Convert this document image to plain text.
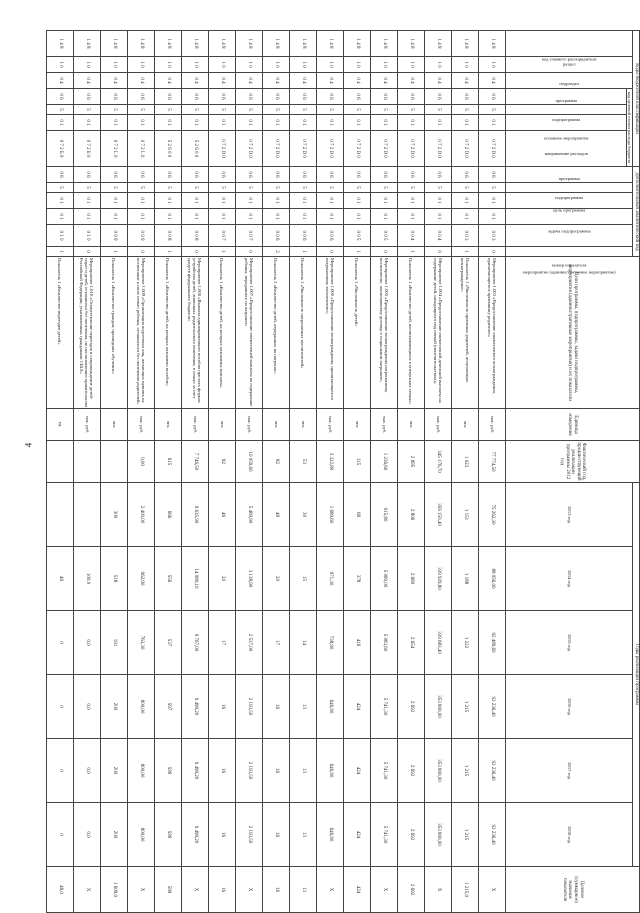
4
Коды бюджетной классификации							Дополнительный аналитический код						Цели программы, подпрограммы, задачи подпрограммы, мероприятия (административные мероприятия) и их показатели	Единица измерения	Фактический год, предшествующий реализации программы 2012 год	Годы реализации программы						Целевое (суммарное) значение показателя
код главного распорядителя	раздел	подраздел	код целевой статьи расхода бюджета				программа	подпрограмма	цель программы	задача подпрограммы	мероприятие (административное мероприятие)	номер показателя				2013 год	2014 год	2015 год	2016 год	2017 год	2018 год	
			программа	подпрограмма	основное мероприятие	направление расходов																
1 4 8	1 0	0 4	0 6	5	0 1	0 7 2 D 0	0 6	5	0 1	0 1	0 0 3	0	Мероприятие 1.003 «Предоставление ежемесячного вознаграждения, причитающегося приемному родителю»	тыс. руб.	77 774,50	75 262,30	88 056,00	92 489,60	93 236,40	93 236,40	93 236,40	X
1 4 8	1 0	0 4	0 6	5	0 1	0 7 2 D 0	0 6	5	0 1	0 1	0 0 3	1	Показатель 1 «Численность приемных родителей, получающих вознаграждение»	чел.	1 023	1 151	1 188	1 222	1 215	1 215	1 215	1 215,0
1 4 8	1 0	0 4	0 6	5	0 1	0 7 2 D 0	0 6	5	0 1	0 1	0 0 4	0	Мероприятие 1.004 «Предоставление ежемесячной денежной выплаты на содержание детей, находящихся под опекой (попечительством)»	тыс. руб.	345 176,70	359 150,40	339 929,80	339 683,40	353 800,00	353 800,00	353 800,00	X
1 4 8	1 0	0 4	0 6	5	0 1	0 7 2 D 0	0 6	5	0 1	0 1	0 0 4	1	Показатель 1 «Количество детей, воспитывающихся в опекунских семьях»	чел.	2 895	2 806	2 680	2 654	2 692	2 692	2 692	2 692
1 4 8	1 0	0 4	0 6	5	0 1	0 7 2 D 0	0 6	5	0 1	0 1	0 0 5	0	Мероприятие 1.005 «Предоставление вознаграждения патронатному воспитателю, заключившему договор о социальном патронате»	тыс. руб.	1 236,60	915,80	5 080,00	5 083,60	5 741,30	5 741,30	5 741,30	X
1 4 8	1 0	0 4	0 6	5	0 1	0 7 2 D 0	0 6	5	0 1	0 1	0 0 5	1	Показатель 1 «Численность детей»	чел.	115	68	378	416	424	424	424	424
1 4 8	1 0	0 4	0 6	5	0 1	0 7 2 D 0	0 6	5	0 1	0 1	0 0 6	0	Мероприятие 1.006 «Предоставление вознаграждения, причитающегося патронатному воспитателю»	тыс. руб.	3 322,80	1 689,60	971,30	738,90	646,90	646,90	646,90	X
1 4 8	1 0	0 4	0 6	5	0 1	0 7 2 D 0	0 6	5	0 1	0 1	0 0 6	1	Показатель 1 «Численность патронатных воспитателей»	чел.	53	30	15	14	13	13	13	13
1 4 8	1 0	0 4	0 6	5	0 1	0 7 2 D 0	0 6	5	0 1	0 1	0 0 6	2	Показатель 2 «Количество детей, переданных на патронат»	чел.	82	48	20	17	16	16	16	16
1 4 8	1 0	0 4	0 6	5	0 1	0 7 2 D 0	0 6	5	0 1	0 1	0 0 7	0	Мероприятие 1.007 «Предоставление ежемесячной выплаты на содержание ребенка, переданного на патронат»	тыс. руб.	10 059,60	5 469,90	3 138,90	2 537,00	2 103,50	2 103,50	2 103,50	X
1 4 8	1 0	0 4	0 6	5	0 1	0 7 2 D 0	0 6	5	0 1	0 1	0 0 7	1	Показатель 1 «Количество детей, на которых назначены выплаты»	чел.	82	46	20	17	16	16	16	16
1 4 8	1 0	0 4	0 6	5	0 1	5 2 6 0 0	0 6	5	0 1	0 1	0 0 8	0	Мероприятие 1.008 «Выплата единовременного пособия при всех формах устройства детей, лишенных родительского попечения, в семью за счет средств федерального бюджета»	тыс. руб.	7 746,50	9 635,90	14 080,10	9 767,00	9 499,20	9 499,20	9 499,20	X
1 4 8	1 0	0 4	0 6	5	0 1	5 2 6 0 0	0 6	5	0 1	0 1	0 0 8	1	Показатель 1 «Количество детей, на которых назначено пособие»	чел.	615	666	556	537	597	599	599	599
1 4 8	1 0	0 4	0 6	5	0 1	0 7 2 L 0	0 6	5	0 1	0 1	0 0 9	0	Мероприятие 1.009 «Организация подготовки лиц, желающих принять на воспитание в свою семью ребенка, оставшегося без попечения родителей»	тыс. руб.	0,00	2 400,00	962,90	763,30	800,00	800,00	800,00	X
1 4 8	1 0	0 4	0 6	5	0 1	0 7 2 L 0	0 6	5	0 1	0 1	0 0 9	1	Показатель 1 «Количество граждан, прошедших обучение»	чел.		300	518	191	200	200	200	1 609,0
1 4 8	1 0	0 4	0 6	5	0 1	0 7 2 Б 0	0 6	5	0 1	0 1	0 1 0	0	Мероприятие 1.010 «Осуществление переездов и сопровождение детей-сирот и детей, оставшихся без попечения, по постановлению правительства Российской Федерации, усыновленных гражданами США»	тыс. руб.			100,0	0,0	0,0	0,0	0,0	X
1 4 8	1 0	0 4	0 6	5	0 1	0 7 2 Б 0	0 6	5	0 1	0 1	0 1 0	1	Показатель 1 «Количество переездов детей»	ед.			46	0	0	0	0	46,0
